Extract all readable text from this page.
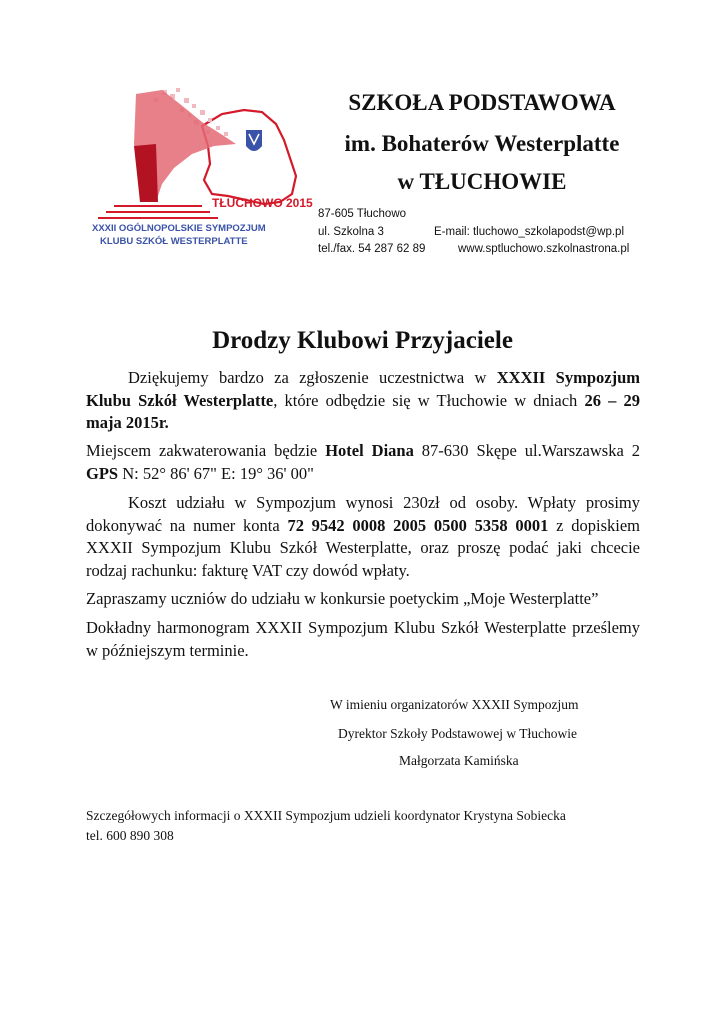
TŁUCHOWO 2015
XXXII OGÓLNOPOLSKIE SYMPOZJUM
KLUBU SZKÓŁ WESTERPLATTE
SZKOŁA PODSTAWOWA
im. Bohaterów Westerplatte
w TŁUCHOWIE
87-605 Tłuchowo
ul. Szkolna 3	E-mail: tluchowo_szkolapodst@wp.pl
tel./fax. 54 287 62 89	www.sptluchowo.szkolnastrona.pl
Drodzy Klubowi Przyjaciele

Dziękujemy bardzo za zgłoszenie uczestnictwa w XXXII Sympozjum Klubu Szkół Westerplatte, które odbędzie się w Tłuchowie w dniach 26 – 29 maja 2015r.

Miejscem zakwaterowania będzie Hotel Diana 87-630 Skępe ul.Warszawska 2 GPS N: 52° 86' 67" E: 19° 36' 00"

Koszt udziału w Sympozjum wynosi 230zł od osoby. Wpłaty prosimy dokonywać na numer konta 72 9542 0008 2005 0500 5358 0001 z dopiskiem XXXII Sympozjum Klubu Szkół Westerplatte, oraz proszę podać jaki chcecie rodzaj rachunku: fakturę VAT czy dowód wpłaty.

Zapraszamy uczniów do udziału w konkursie poetyckim „Moje Westerplatte”

Dokładny harmonogram XXXII Sympozjum Klubu Szkół Westerplatte prześlemy w późniejszym terminie.

W imieniu organizatorów XXXII Sympozjum
Dyrektor Szkoły Podstawowej w Tłuchowie
Małgorzata Kamińska
Szczegółowych informacji o XXXII Sympozjum udzieli koordynator Krystyna Sobiecka
tel. 600 890 308
